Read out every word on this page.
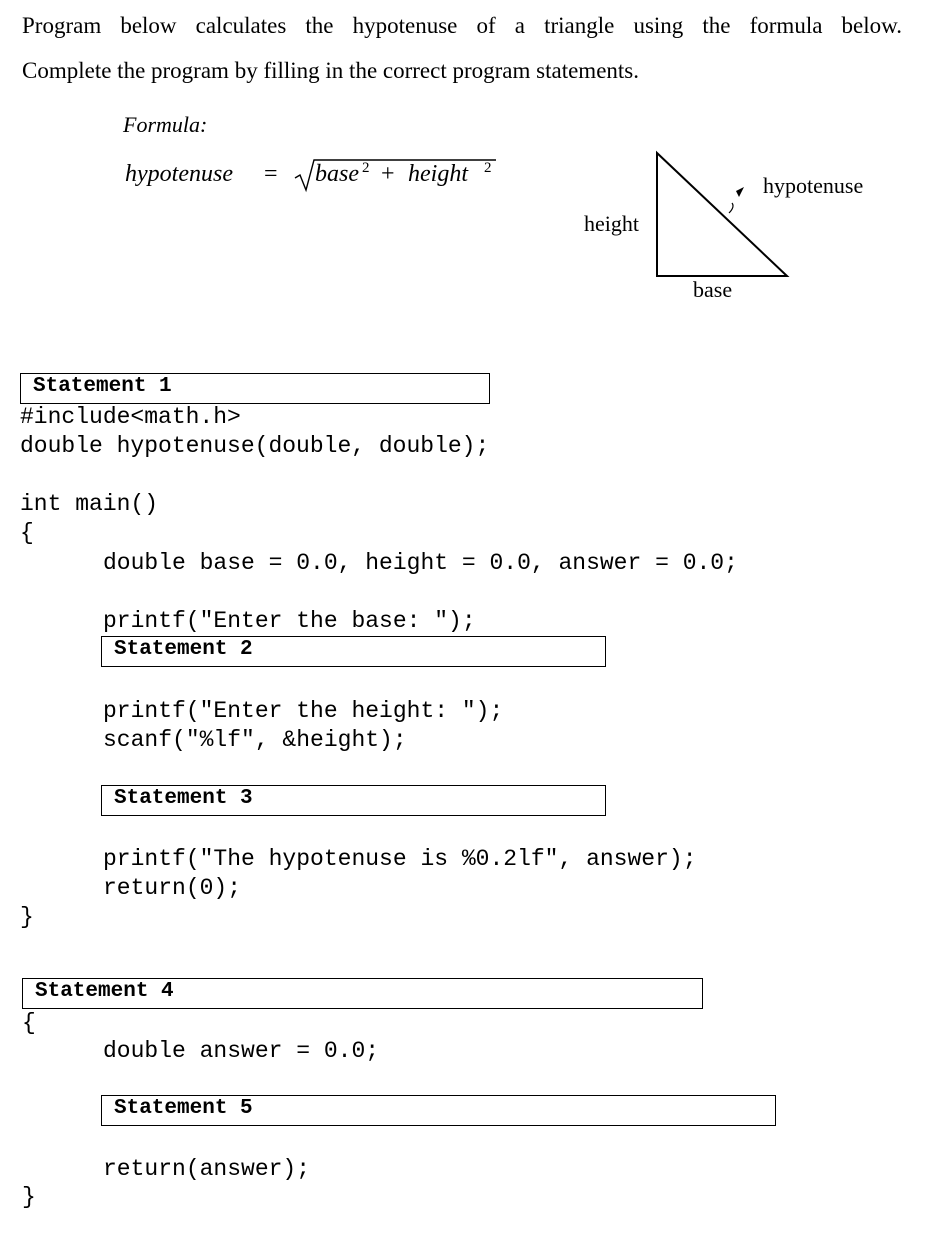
Program below calculates the hypotenuse of a triangle using the formula below.
Complete the program by filling in the correct program statements.
Formula:
hypotenuse = base 2 + height 2
height
base
hypotenuse
Statement 1
#include<math.h>
double hypotenuse(double, double);
int main()
{
double base = 0.0, height = 0.0, answer = 0.0;
printf("Enter the base: ");
Statement 2
printf("Enter the height: ");
scanf("%lf", &height);
Statement 3
printf("The hypotenuse is %0.2lf", answer);
return(0);
}
Statement 4
{
double answer = 0.0;
Statement 5
return(answer);
}
